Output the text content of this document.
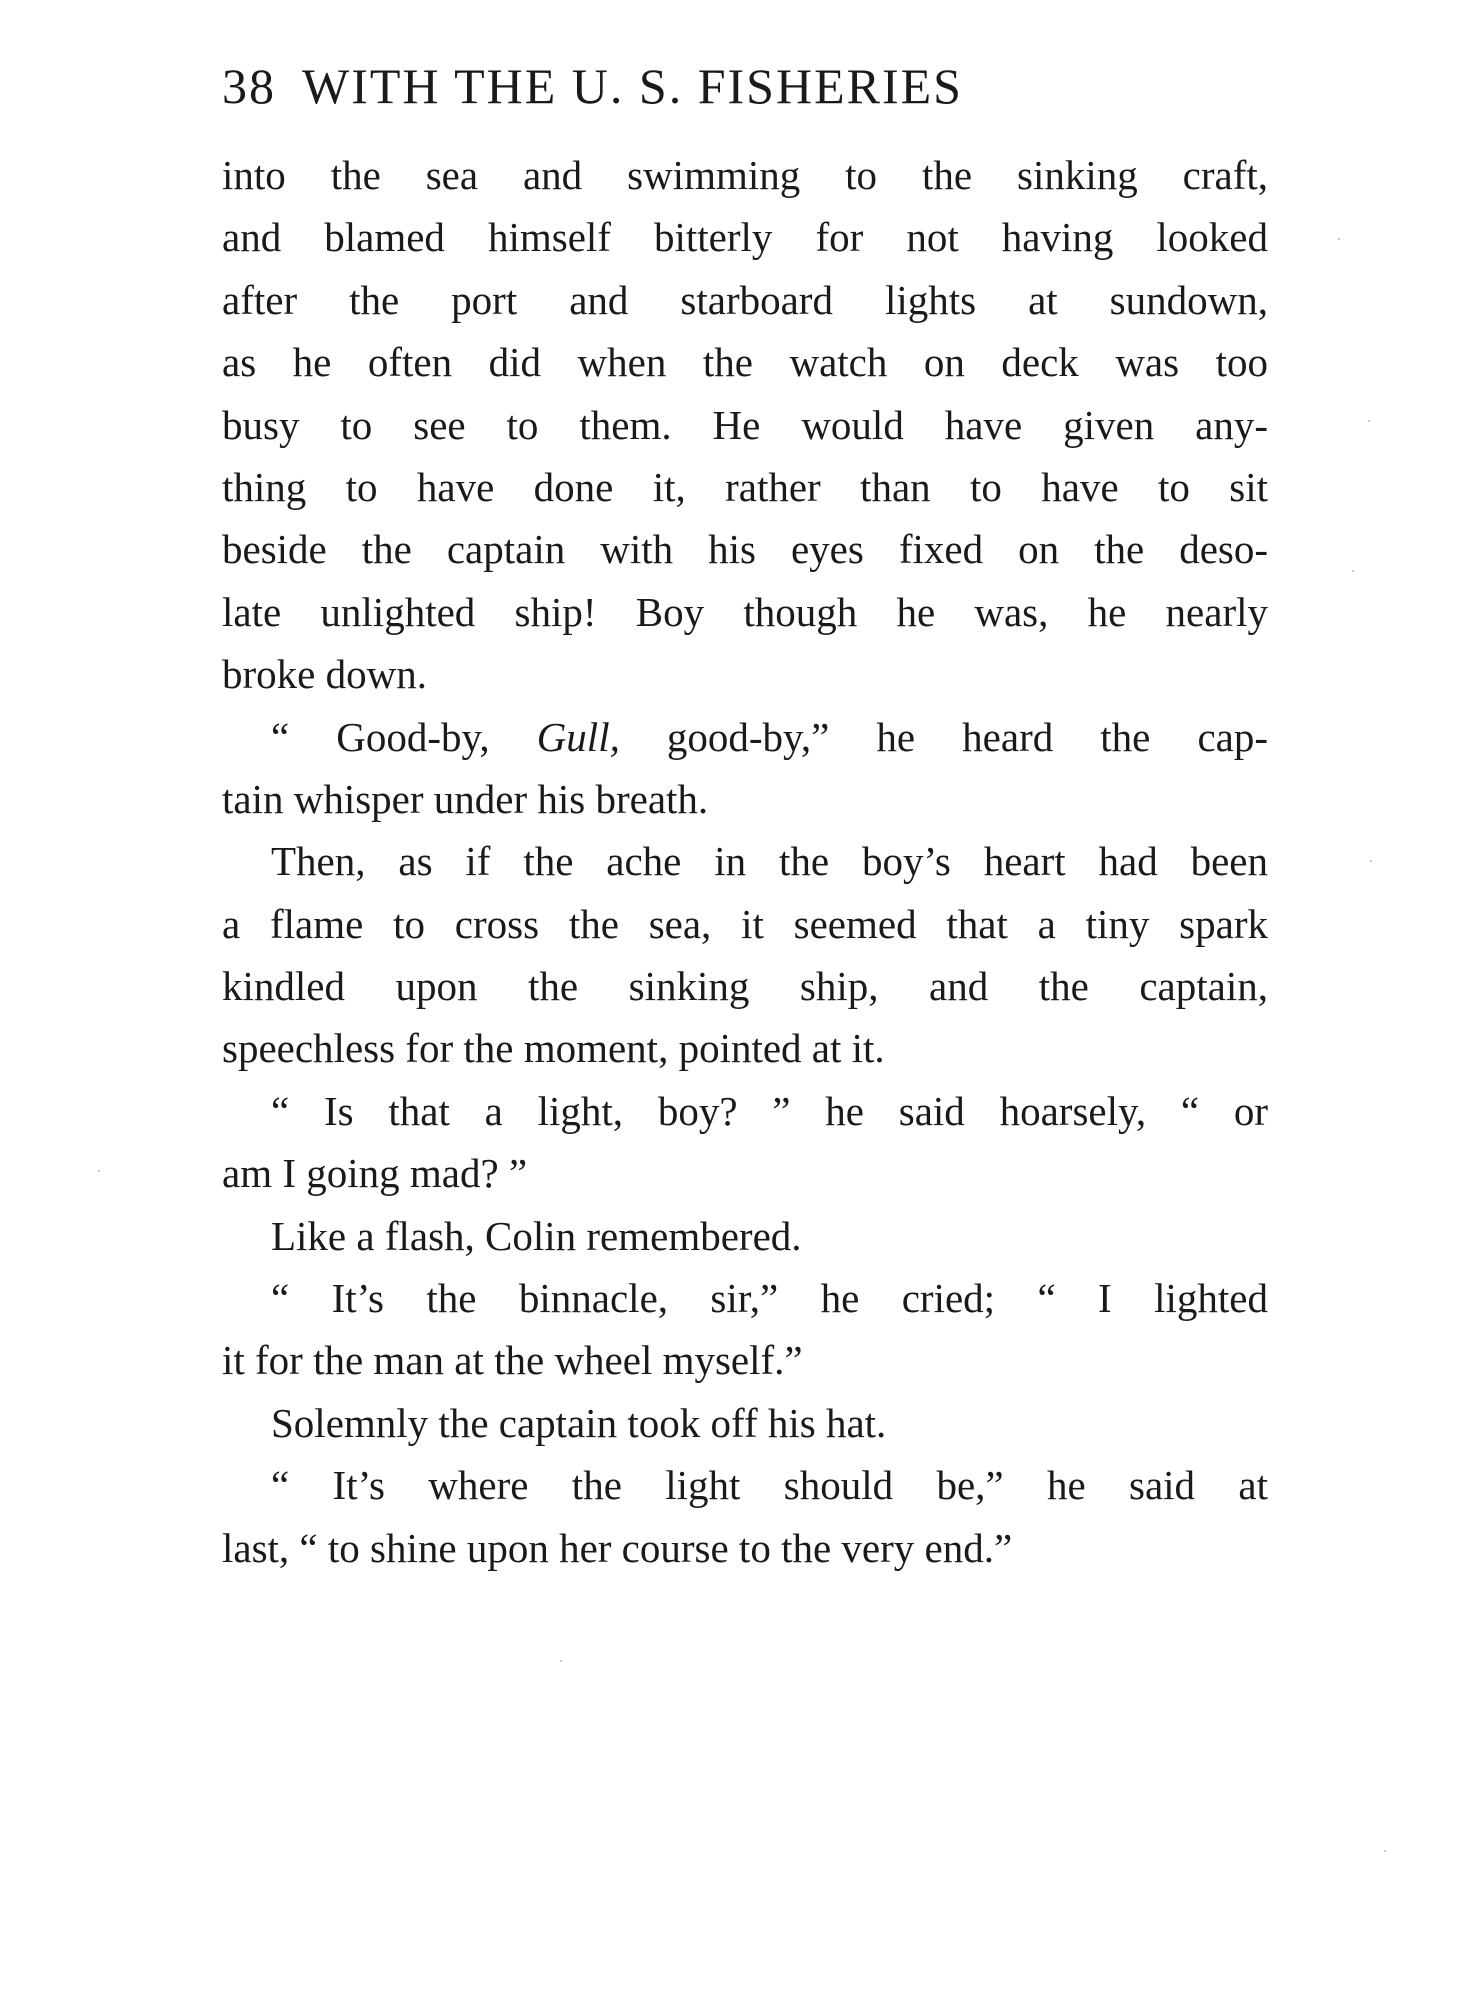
38 WITH THE U. S. FISHERIES
into the sea and swimming to the sinking craft,
and blamed himself bitterly for not having looked
after the port and starboard lights at sundown,
as he often did when the watch on deck was too
busy to see to them. He would have given any-
thing to have done it, rather than to have to sit
beside the captain with his eyes fixed on the deso-
late unlighted ship! Boy though he was, he nearly
broke down.
“ Good-by, Gull, good-by,” he heard the cap-
tain whisper under his breath.
Then, as if the ache in the boy’s heart had been
a flame to cross the sea, it seemed that a tiny spark
kindled upon the sinking ship, and the captain,
speechless for the moment, pointed at it.
“ Is that a light, boy? ” he said hoarsely, “ or
am I going mad? ”
Like a flash, Colin remembered.
“ It’s the binnacle, sir,” he cried; “ I lighted
it for the man at the wheel myself.”
Solemnly the captain took off his hat.
“ It’s where the light should be,” he said at
last, “ to shine upon her course to the very end.”
